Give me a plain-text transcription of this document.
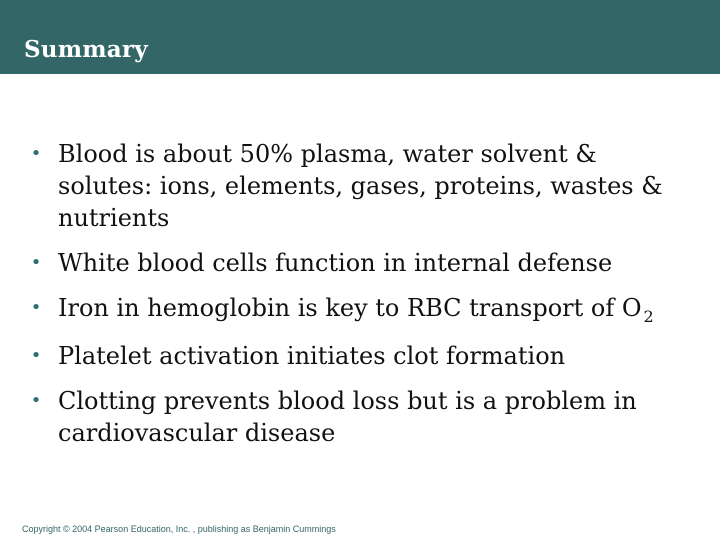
Summary
• Blood is about 50% plasma, water solvent & solutes: ions, elements, gases, proteins, wastes & nutrients
• White blood cells function in internal defense
• Iron in hemoglobin is key to RBC transport of O $_2$
• Platelet activation initiates clot formation
• Clotting prevents blood loss but is a problem in cardiovascular disease
Copyright © 2004 Pearson Education, Inc. , publishing as Benjamin Cummings
